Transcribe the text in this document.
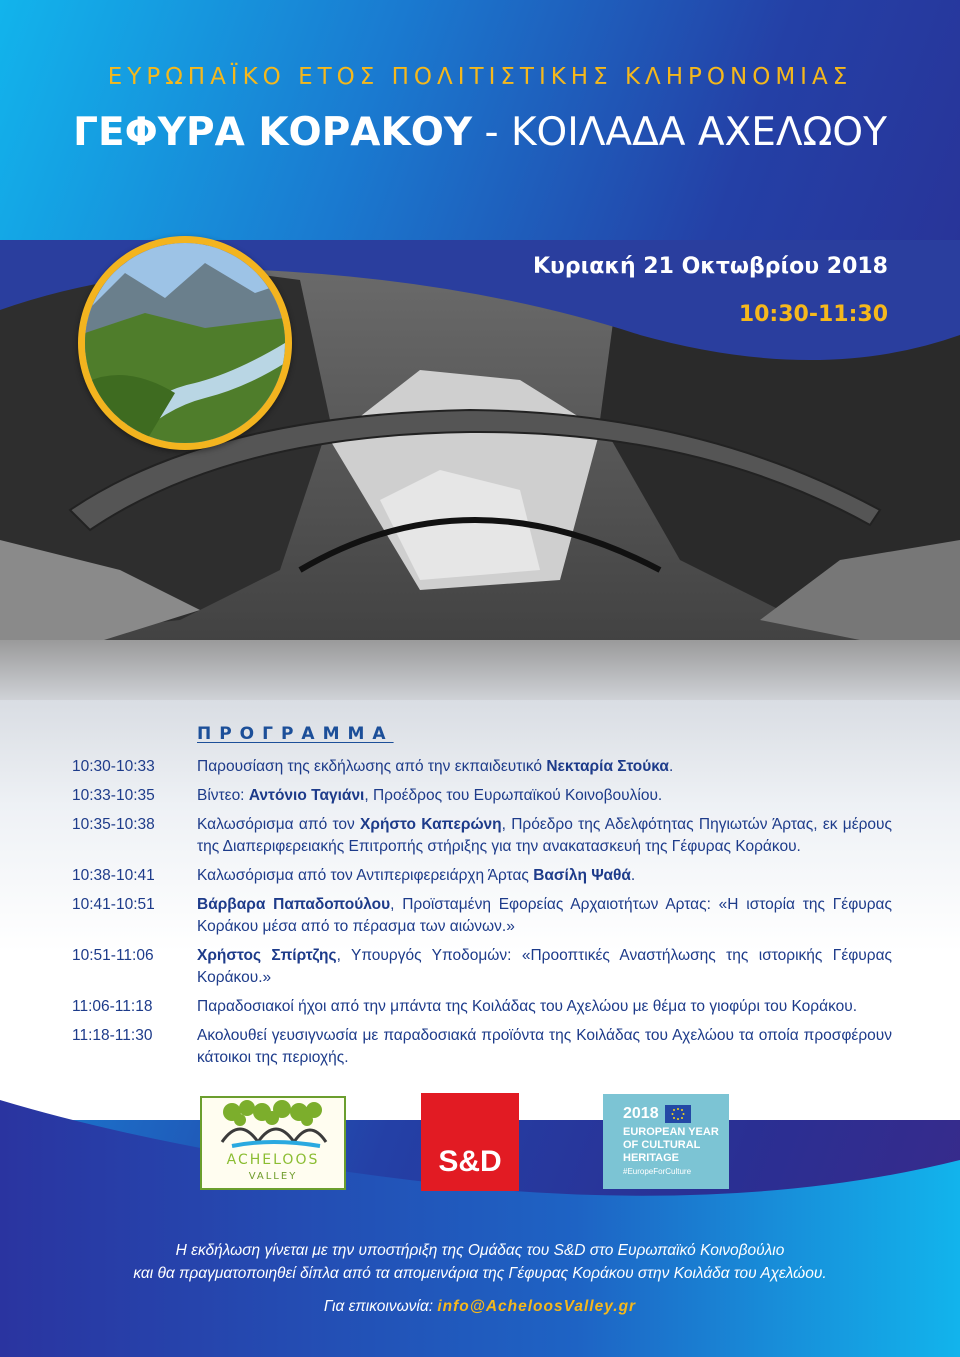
ΕΥΡΩΠΑΪΚΟ ΕΤΟΣ ΠΟΛΙΤΙΣΤΙΚΗΣ ΚΛΗΡΟΝΟΜΙΑΣ
ΓΕΦΥΡΑ ΚΟΡΑΚΟΥ - ΚΟΙΛΑΔΑ ΑΧΕΛΩΟΥ
Κυριακή 21 Οκτωβρίου 2018
10:30-11:30
ΠΡΟΓΡΑΜΜΑ
10:30-10:33	Παρουσίαση της εκδήλωσης από την εκπαιδευτικό Νεκταρία Στούκα.
10:33-10:35	Βίντεο: Αντόνιο Ταγιάνι, Προέδρος του Ευρωπαϊκού Κοινοβουλίου.
10:35-10:38	Καλωσόρισμα από τον Χρήστο Καπερώνη, Πρόεδρο της Αδελφότητας Πηγιωτών Άρτας, εκ μέρους της Διαπεριφερειακής Επιτροπής στήριξης για την ανακατασκευή της Γέφυρας Κοράκου.
10:38-10:41	Καλωσόρισμα από τον Αντιπεριφερειάρχη Άρτας Βασίλη Ψαθά.
10:41-10:51	Βάρβαρα Παπαδοπούλου, Προϊσταμένη Εφορείας Αρχαιοτήτων Αρτας: «Η ιστορία της Γέφυρας Κοράκου μέσα από το πέρασμα των αιώνων.»
10:51-11:06	Χρήστος Σπίρτζης, Υπουργός Υποδομών: «Προοπτικές Αναστήλωσης της ιστορικής Γέφυρας Κοράκου.»
11:06-11:18	Παραδοσιακοί ήχοι από την μπάντα της Κοιλάδας του Αχελώου με θέμα το γιοφύρι του Κοράκου.
11:18-11:30	Ακολουθεί γευσιγνωσία με παραδοσιακά προϊόντα της Κοιλάδας του Αχελώου τα οποία προσφέρουν κάτοικοι της περιοχής.
ACHELOOS
VALLEY	S&D
2018
EUROPEAN YEAR
OF CULTURAL
HERITAGE
#EuropeForCulture
Η εκδήλωση γίνεται με την υποστήριξη της Ομάδας του S&D στο Ευρωπαϊκό Κοινοβούλιο
και θα πραγματοποιηθεί δίπλα από τα απομεινάρια της Γέφυρας Κοράκου στην Κοιλάδα του Αχελώου.
Για επικοινωνία: info@AcheloosValley.gr
